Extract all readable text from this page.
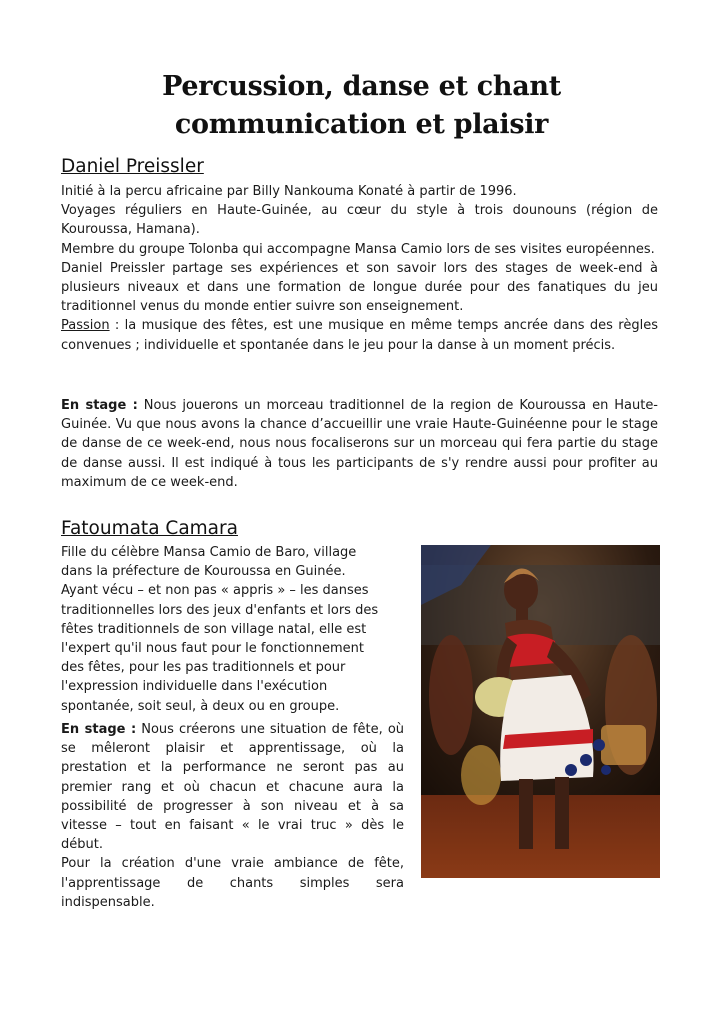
Percussion, danse et chant
communication et plaisir
Daniel Preissler

Initié à la percu africaine par Billy Nankouma Konaté à partir de 1996.

Voyages réguliers en Haute-Guinée, au cœur du style à trois dounouns (région de Kouroussa, Hamana).

Membre du groupe Tolonba qui accompagne Mansa Camio lors de ses visites européennes.

Daniel Preissler partage ses expériences et son savoir lors des stages de week-end à plusieurs niveaux et dans une formation de longue durée pour des fanatiques du jeu traditionnel venus du monde entier suivre son enseignement.

Passion : la musique des fêtes, est une musique en même temps ancrée dans des règles convenues ; individuelle et spontanée dans le jeu pour la danse à un moment précis.

En stage : Nous jouerons un morceau traditionnel de la region de Kouroussa en Haute-Guinée. Vu que nous avons la chance d’accueillir une vraie Haute-Guinéenne pour le stage de danse de ce week-end, nous nous focaliserons sur un morceau qui fera partie du stage de danse aussi. Il est indiqué à tous les participants de s'y rendre aussi pour profiter au maximum de ce week-end.
Fatoumata Camara
Fille du célèbre Mansa Camio de Baro, village
dans la préfecture de Kouroussa en Guinée.
Ayant vécu – et non pas « appris » – les danses
traditionnelles lors des jeux d'enfants et lors des
fêtes traditionnels de son village natal, elle est
l'expert qu'il nous faut pour le fonctionnement
des fêtes, pour les pas traditionnels et pour
l'expression individuelle dans l'exécution
spontanée, soit seul, à deux ou en groupe.

En stage : Nous créerons une situation de fête, où se mêleront plaisir et apprentissage, où la prestation et la performance ne seront pas au premier rang et où chacun et chacune aura la possibilité de progresser à son niveau et à sa vitesse – tout en faisant « le vrai truc » dès le début.

Pour la création d'une vraie ambiance de fête, l'apprentissage de chants simples sera indispensable.
